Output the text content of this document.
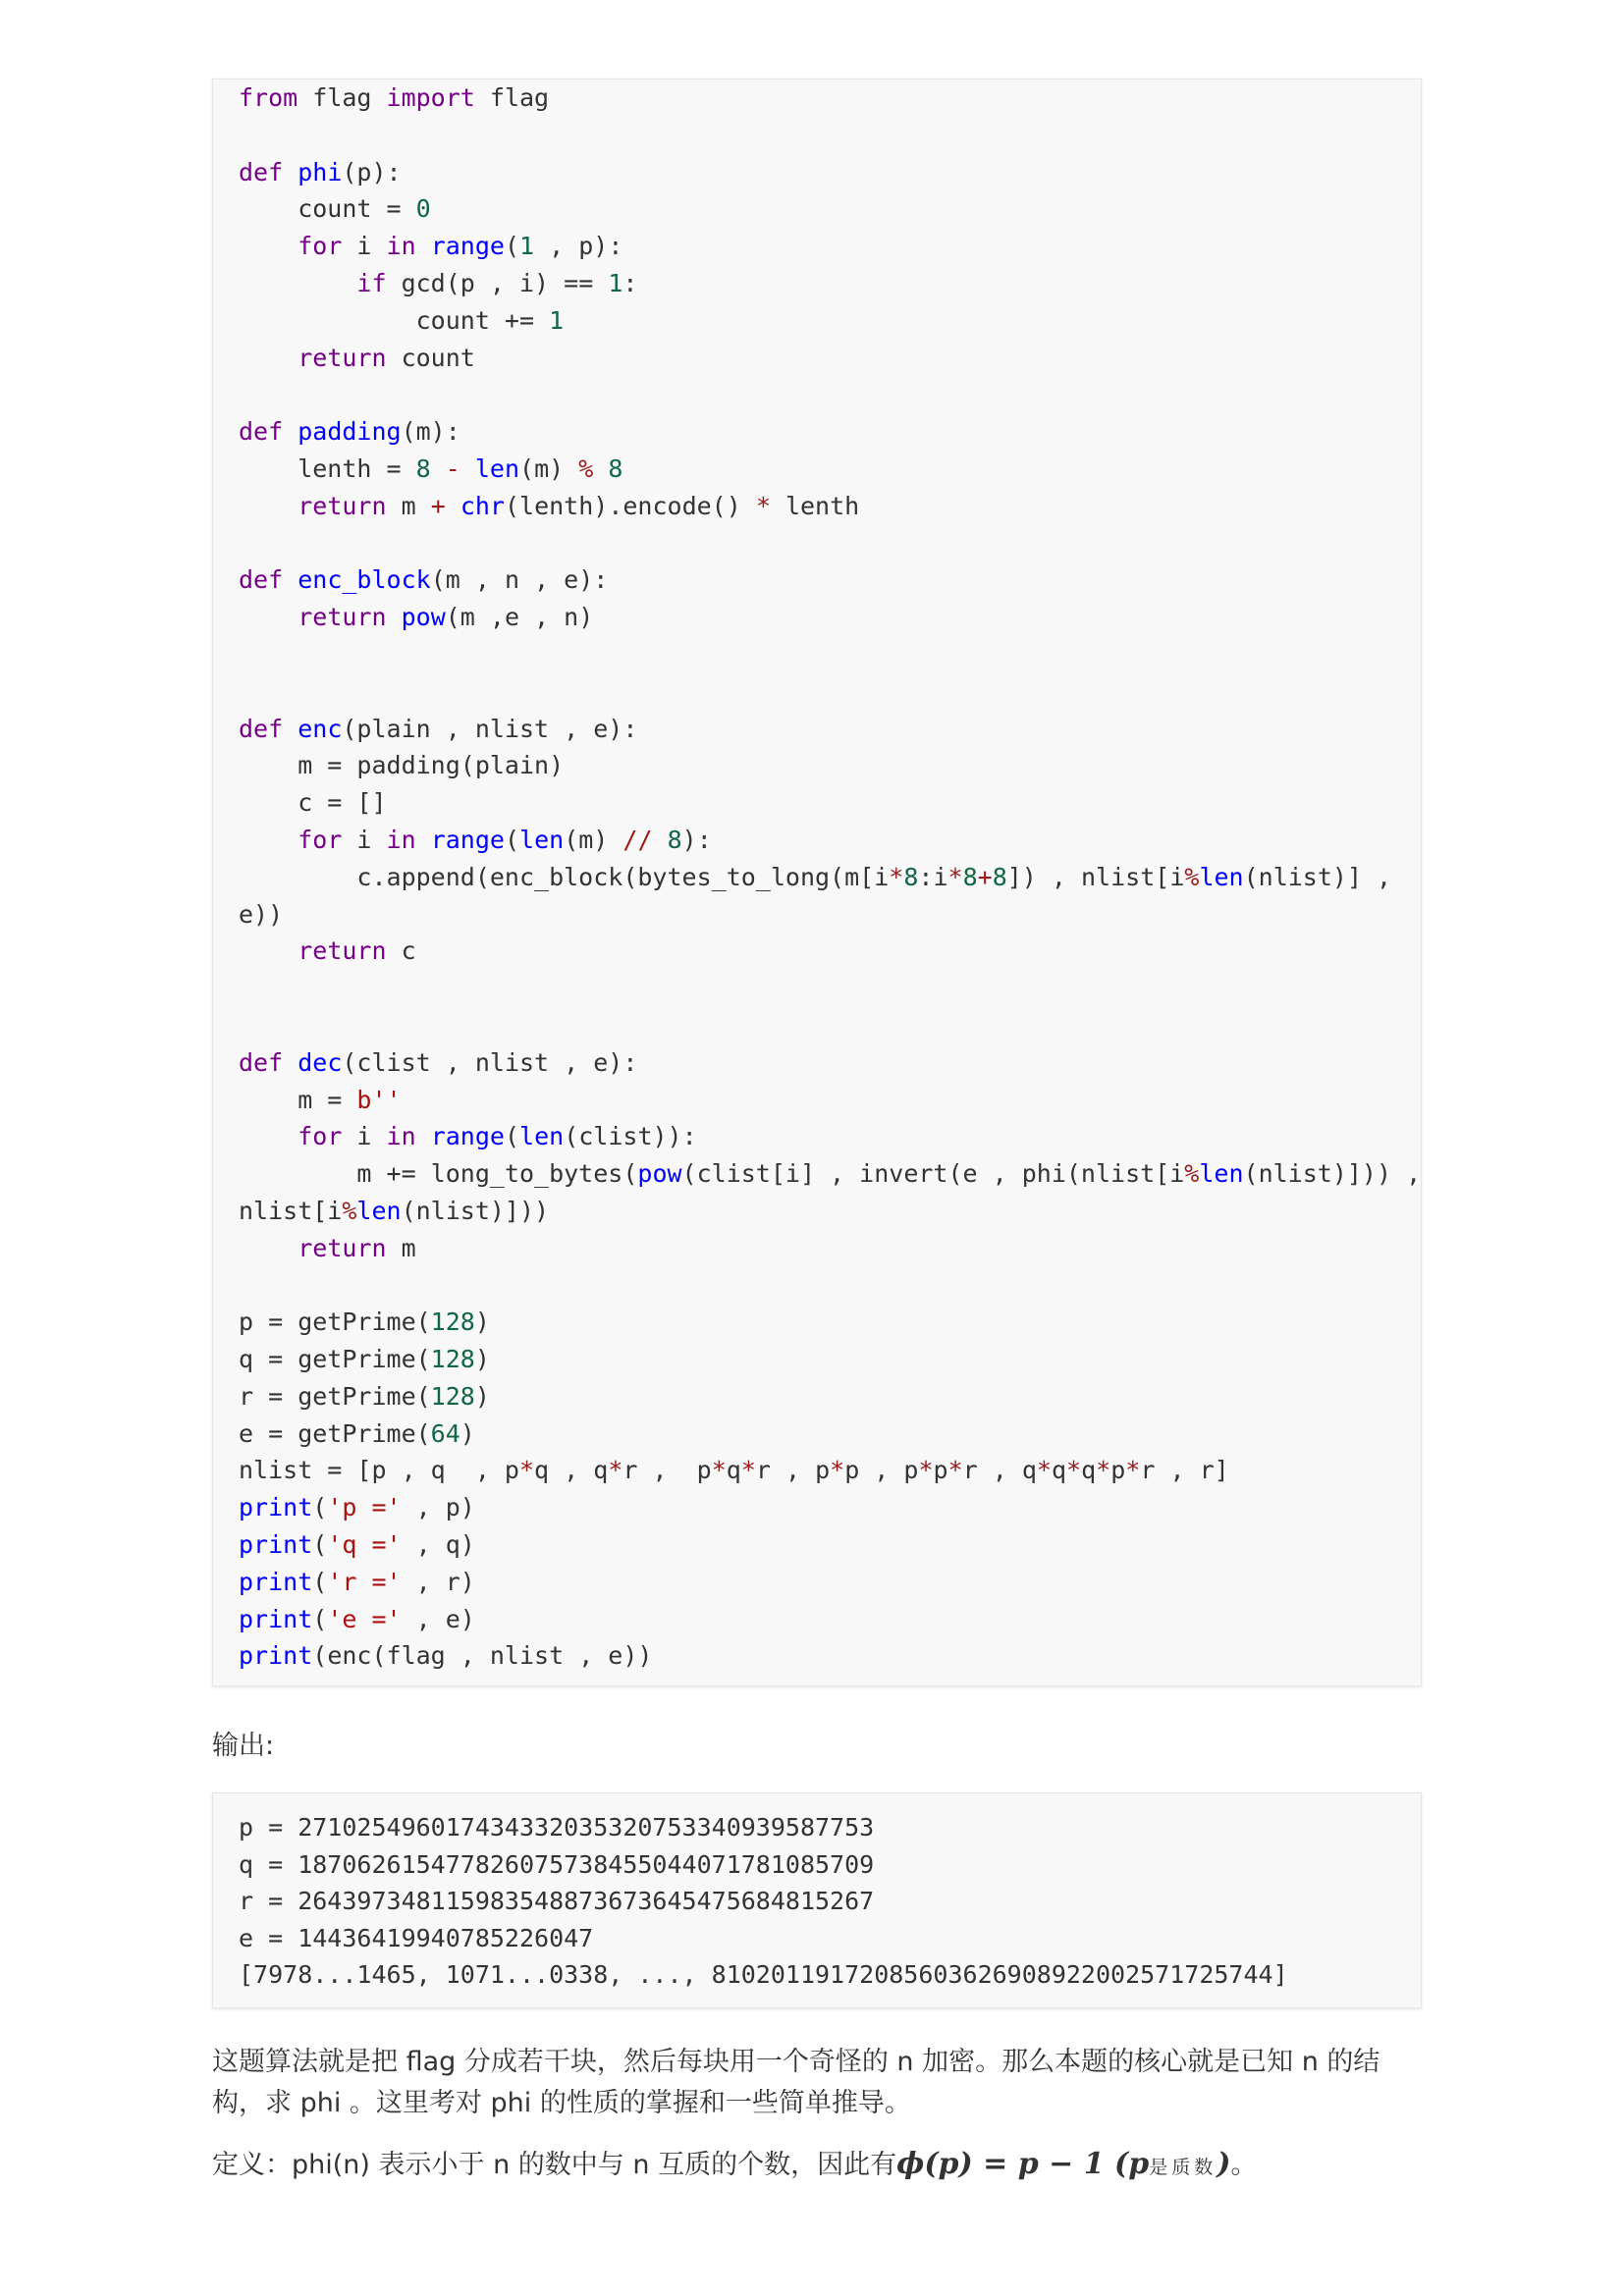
from flag import flag
def phi(p):
count = 0
for i in range(1 , p):
if gcd(p , i) == 1:
count += 1
return count
def padding(m):
lenth = 8 - len(m) % 8
return m + chr(lenth).encode() * lenth
def enc_block(m , n , e):
return pow(m ,e , n)
def enc(plain , nlist , e):
m = padding(plain)
c = []
for i in range(len(m) // 8):
c.append(enc_block(bytes_to_long(m[i*8:i*8+8]) , nlist[i%len(nlist)] ,
e))
return c
def dec(clist , nlist , e):
m = b''
for i in range(len(clist)):
m += long_to_bytes(pow(clist[i] , invert(e , phi(nlist[i%len(nlist)])) ,
nlist[i%len(nlist)]))
return m
p = getPrime(128)
q = getPrime(128)
r = getPrime(128)
e = getPrime(64)
nlist = [p , q  , p*q , q*r ,  p*q*r , p*p , p*p*r , q*q*q*p*r , r]
print('p =' , p)
print('q =' , q)
print('r =' , r)
print('e =' , e)
print(enc(flag , nlist , e))

输出:

p = 271025496017434332035320753340939587753
q = 187062615477826075738455044071781085709
r = 264397348115983548873673645475684815267
e = 14436419940785226047
[7978...1465, 1071...0338, ..., 8102011917208560362690892200257172574​4]

这题算法就是把 flag 分成若干块，然后每块用一个奇怪的 n 加密。那么本题的核心就是已知 n 的结构，求 phi 。这里考对 phi 的性质的掌握和一些简单推导。

定义：phi(n) 表示小于 n 的数中与 n 互质的个数，因此有ϕ(p) = p − 1 (p是质数)。
